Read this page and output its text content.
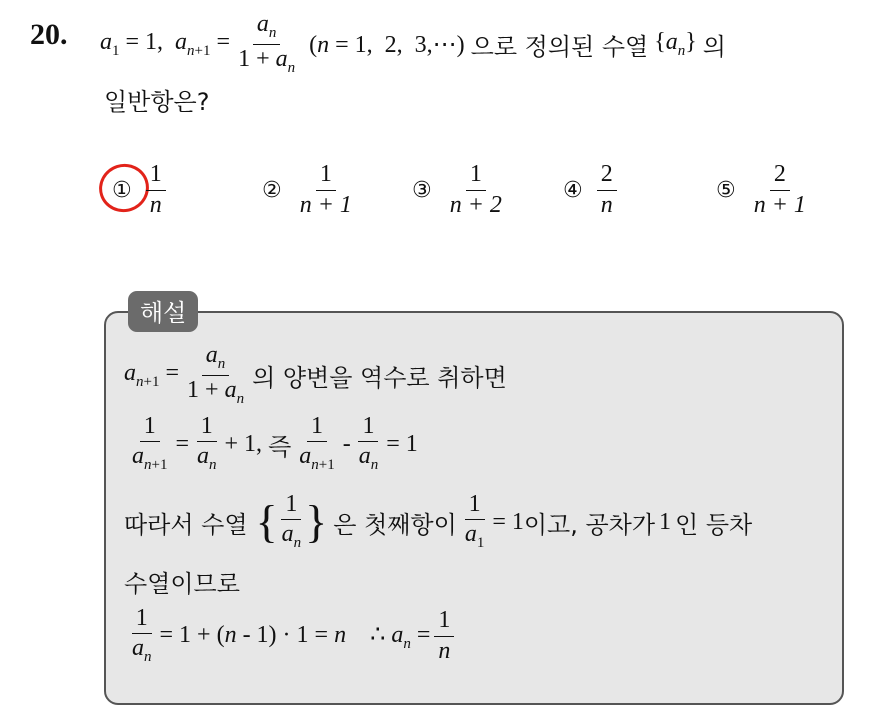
20. $a_1 = 1$,  $a_{n+1} = \frac{a_n}{1 + a_n} (n = 1$,  2,  3,⋯) 으로 정의된 수열 $\{a_n\}$ 의
일반항은?
① $\frac{1}{n}$	② $\frac{1}{n + 1}$	③ $\frac{1}{n + 2}$	④ $\frac{2}{n}$	⑤ $\frac{2}{n + 1}$
해설
$a_{n+1} = \frac{a_n}{1 + a_n}$ 의 양변을 역수로 취하면
$\frac{1}{a_{n+1}} = \frac{1}{a_n} + 1$, 즉 $\frac{1}{a_{n+1}} - \frac{1}{a_n} = 1$
따라서 수열 { $\frac{1}{a_n}$ } 은 첫째항이 $\frac{1}{a_1} = 1$ 이고, 공차가 1 인 등차
수열이므로
$\frac{1}{a_n} = 1 + (n - 1) \cdot 1 = n$    ∴ $a_n = \frac{1}{n}$
